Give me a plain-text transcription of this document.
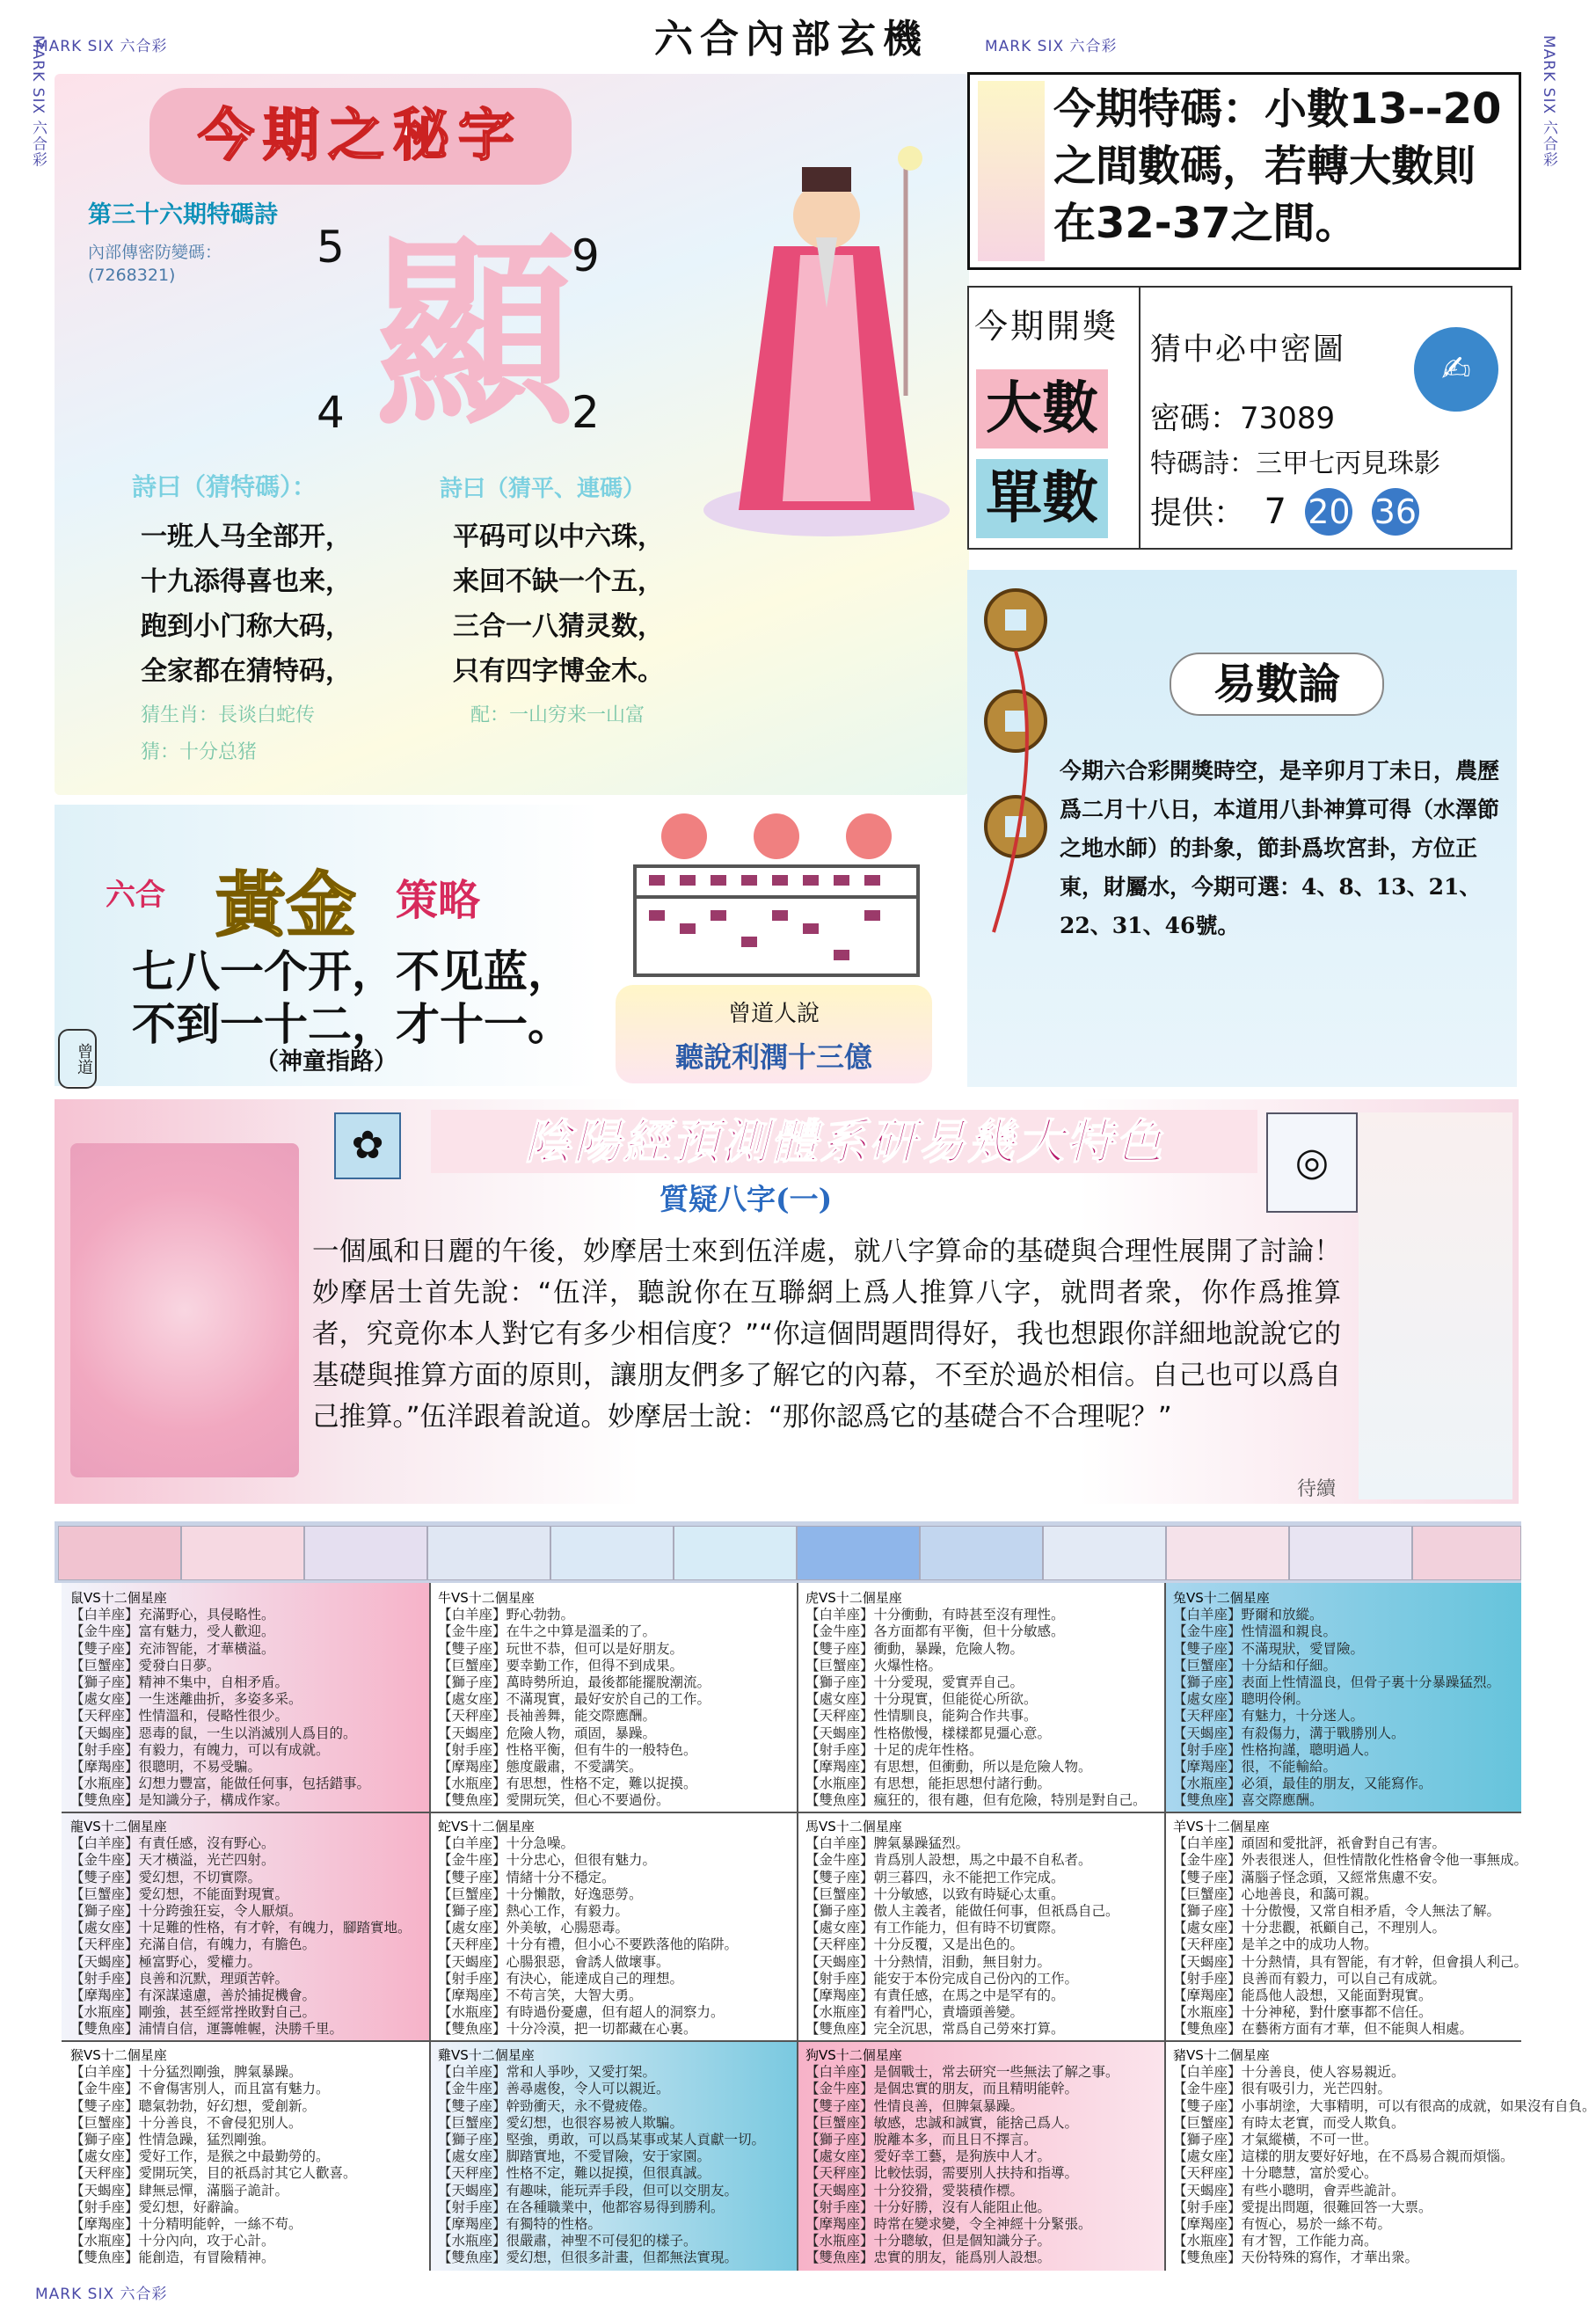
MARK SIX 六合彩	MARK SIX 六合彩
MARK SIX 六合彩
MARK SIX 六合彩	MARK SIX 六合彩
六合內部玄機
今期之秘字
第三十六期特碼詩
內部傳密防變碼：
(7268321) 顯
5	9
4	2
詩曰（猜特碼）：	詩曰（猜平、連碼）
一班人马全部开，
十九添得喜也来，
跑到小门称大码，
全家都在猜特码，
平码可以中六珠，
来回不缺一个五，
三合一八猜灵数，
只有四字博金木。
猜生肖：長谈白蛇传	配：一山穷来一山富
猜：十分总猪
今期特碼：小數13--20
之間數碼，若轉大數則
在32-37之間。
今期開獎
大數
單數
猜中必中密圖	✍
密碼：73089
特碼詩：三甲七丙見珠影
提供： 7 20 36
易數論
今期六合彩開獎時空，是辛卯月丁未日，農歷爲二月十八日，本道用八卦神算可得（水澤節之地水師）的卦象，節卦爲坎宮卦，方位正東，財屬水，今期可選：4、8、13、21、22、31、46號。
六合 黃金 策略
七八一个开，不见蓝，
不到一十二，才十一。
（神童指路）
曾道
曾道人說
聽說利潤十三億
陰陽經預測體系研易幾大特色
質疑八字(一)
✿	◎
一個風和日麗的午後，妙摩居士來到伍洋處，就八字算命的基礎與合理性展開了討論！妙摩居士首先說：“伍洋，聽說你在互聯網上爲人推算八字，就問者衆，你作爲推算者，究竟你本人對它有多少相信度？”“你這個問題問得好，我也想跟你詳細地說說它的基礎與推算方面的原則，讓朋友們多了解它的內幕，不至於過於相信。自己也可以爲自己推算。”伍洋跟着說道。妙摩居士說：“那你認爲它的基礎合不合理呢？”
待續
鼠VS十二個星座
【白羊座】充滿野心，具侵略性。
【金牛座】富有魅力，受人歡迎。
【雙子座】充沛智能，才華橫溢。
【巨蟹座】愛發白日夢。
【獅子座】精神不集中，自相矛盾。
【處女座】一生迷離曲折，多姿多采。
【天秤座】性情溫和，侵略性很少。
【天蝎座】惡毒的鼠，一生以消滅別人爲目的。
【射手座】有毅力，有魄力，可以有成就。
【摩羯座】很聰明，不易受騙。
【水瓶座】幻想力豐富，能做任何事，包括錯事。
【雙魚座】是知識分子，構成作家。
牛VS十二個星座
【白羊座】野心勃勃。
【金牛座】在牛之中算是溫柔的了。
【雙子座】玩世不恭，但可以是好朋友。
【巨蟹座】要幸勤工作，但得不到成果。
【獅子座】萬時勢所迫，最後都能擺脫潮流。
【處女座】不滿現實，最好安於自己的工作。
【天秤座】長袖善舞，能交際應酬。
【天蝎座】危險人物，頑固，暴躁。
【射手座】性格平衡，但有牛的一般特色。
【摩羯座】態度嚴肅，不愛講笑。
【水瓶座】有思想，性格不定，難以捉摸。
【雙魚座】愛開玩笑，但心不要過份。
虎VS十二個星座
【白羊座】十分衝動，有時甚至沒有理性。
【金牛座】各方面都有平衡，但十分敏感。
【雙子座】衝動，暴躁，危險人物。
【巨蟹座】火爆性格。
【獅子座】十分愛現，愛實弄自己。
【處女座】十分現實，但能從心所欲。
【天秤座】性情馴良，能夠合作共事。
【天蝎座】性格傲慢，樣樣都見彊心意。
【射手座】十足的虎年性格。
【摩羯座】有思想，但衝動，所以是危險人物。
【水瓶座】有思想，能拒思想付諸行動。
【雙魚座】瘋狂的，很有趣，但有危險，特別是對自己。
兔VS十二個星座
【白羊座】野爾和放縱。
【金牛座】性情溫和親良。
【雙子座】不滿現狀，愛冒險。
【巨蟹座】十分結和仔細。
【獅子座】表面上性情溫良，但骨子裏十分暴躁猛烈。
【處女座】聰明伶俐。
【天秤座】有魅力，十分迷人。
【天蝎座】有殺傷力，溝于戰勝別人。
【射手座】性格拘謹，聰明過人。
【摩羯座】很，不能輸給。
【水瓶座】必須，最佳的朋友，又能寫作。
【雙魚座】喜交際應酬。
龍VS十二個星座
【白羊座】有責任感，沒有野心。
【金牛座】天才橫溢，光芒四射。
【雙子座】愛幻想，不切實際。
【巨蟹座】愛幻想，不能面對現實。
【獅子座】十分跨強狂妄，令人厭煩。
【處女座】十足難的性格，有才幹，有魄力，腳踏實地。
【天秤座】充滿自信，有魄力，有膽色。
【天蝎座】極富野心，愛權力。
【射手座】良善和沉默，理頭苦幹。
【摩羯座】有深謀遠慮，善於捕捉機會。
【水瓶座】剛強，甚至經常挫敗對自己。
【雙魚座】浦情自信，運籌帷幄，決勝千里。
蛇VS十二個星座
【白羊座】十分急噪。
【金牛座】十分忠心，但很有魅力。
【雙子座】情緒十分不穩定。
【巨蟹座】十分懶散，好逸惡勞。
【獅子座】熱心工作，有毅力。
【處女座】外美敏，心腸惡毒。
【天秤座】十分有禮，但小心不要跌落他的陷阱。
【天蝎座】心腸狠惡，會誘人做壞事。
【射手座】有決心，能達成自己的理想。
【摩羯座】不苟言笑，大智大勇。
【水瓶座】有時過份憂慮，但有超人的洞察力。
【雙魚座】十分冷漠，把一切都藏在心裏。
馬VS十二個星座
【白羊座】脾氣暴躁猛烈。
【金牛座】肯爲別人設想，馬之中最不自私者。
【雙子座】朝三暮四，永不能把工作完成。
【巨蟹座】十分敏感，以致有時疑心太重。
【獅子座】傲人主義者，能做任何事，但祇爲自己。
【處女座】有工作能力，但有時不切實際。
【天秤座】十分反覆，又是出色的。
【天蝎座】十分熱情，泪動，無目射力。
【射手座】能安于本份完成自己份內的工作。
【摩羯座】有責任感，在馬之中是罕有的。
【水瓶座】有着門心，責墻頭善變。
【雙魚座】完全沉思，常爲自己勞來打算。
羊VS十二個星座
【白羊座】頑固和愛批評，祇會對自己有害。
【金牛座】外表很迷人，但性情散化性格會令他一事無成。
【雙子座】滿腦子怪念頭，又經常焦慮不安。
【巨蟹座】心地善良，和藹可親。
【獅子座】十分傲慢，又常自相矛盾，令人無法了解。
【處女座】十分悲觀，祇顧自己，不理別人。
【天秤座】是羊之中的成功人物。
【天蝎座】十分熱情，具有智能，有才幹，但會損人利己。
【射手座】良善而有毅力，可以自己有成就。
【摩羯座】能爲他人設想，又能面對現實。
【水瓶座】十分神秘，對什麼事都不信任。
【雙魚座】在藝術方面有才華，但不能與人相處。
猴VS十二個星座
【白羊座】十分猛烈剛強，脾氣暴躁。
【金牛座】不會傷害別人，而且富有魅力。
【雙子座】聰氣勃勃，好幻想，愛創新。
【巨蟹座】十分善良，不會侵犯別人。
【獅子座】性情急躁，猛烈剛強。
【處女座】愛好工作，是猴之中最勤勞的。
【天秤座】愛開玩笑，目的祇爲討其它人歡喜。
【天蝎座】肆無忌憚，滿腦子詭計。
【射手座】愛幻想，好辭論。
【摩羯座】十分精明能幹，一絲不苟。
【水瓶座】十分內向，攻于心計。
【雙魚座】能創造，有冒險精神。
雞VS十二個星座
【白羊座】常和人爭吵，又愛打架。
【金牛座】善尋處俊，令人可以親近。
【雙子座】幹勁衝天，永不覺疲倦。
【巨蟹座】愛幻想，也很容易被人欺騙。
【獅子座】堅強，勇敢，可以爲某事或某人貢獻一切。
【處女座】脚踏實地，不愛冒險，安于家園。
【天秤座】性格不定，難以捉摸，但很真誠。
【天蝎座】有趣味，能玩弄手段，但可以交朋友。
【射手座】在各種職業中，他都容易得到勝利。
【摩羯座】有獨特的性格。
【水瓶座】很嚴肅，神聖不可侵犯的樣子。
【雙魚座】愛幻想，但很多計畫，但都無法實現。
狗VS十二個星座
【白羊座】是個戰士，常去研究一些無法了解之事。
【金牛座】是個忠實的朋友，而且精明能幹。
【雙子座】性情良善，但脾氣暴躁。
【巨蟹座】敏感，忠誠和誠實，能捨己爲人。
【獅子座】脫離本多，而且日不擇言。
【處女座】愛好幸工藝，是狗族中人才。
【天秤座】比較怯弱，需要別人扶持和指導。
【天蝎座】十分狡猾，愛裝積作標。
【射手座】十分好勝，沒有人能阻止他。
【摩羯座】時常在變求變，令全神經十分緊張。
【水瓶座】十分聰敏，但是個知識分子。
【雙魚座】忠實的朋友，能爲別人設想。
豬VS十二個星座
【白羊座】十分善良，使人容易親近。
【金牛座】很有吸引力，光芒四射。
【雙子座】小事胡塗，大事精明，可以有很高的成就，如果沒有自負。
【巨蟹座】有時太老實，而受人欺負。
【獅子座】才氣縱橫，不可一世。
【處女座】這樣的朋友要好好地，在不爲易合親而煩惱。
【天秤座】十分聰慧，富於愛心。
【天蝎座】有些小聰明，會弄些詭計。
【射手座】愛提出問題，很難回答一大票。
【摩羯座】有恆心，易於一絲不苟。
【水瓶座】有才智，工作能力高。
【雙魚座】天份特殊的寫作，才華出衆。
